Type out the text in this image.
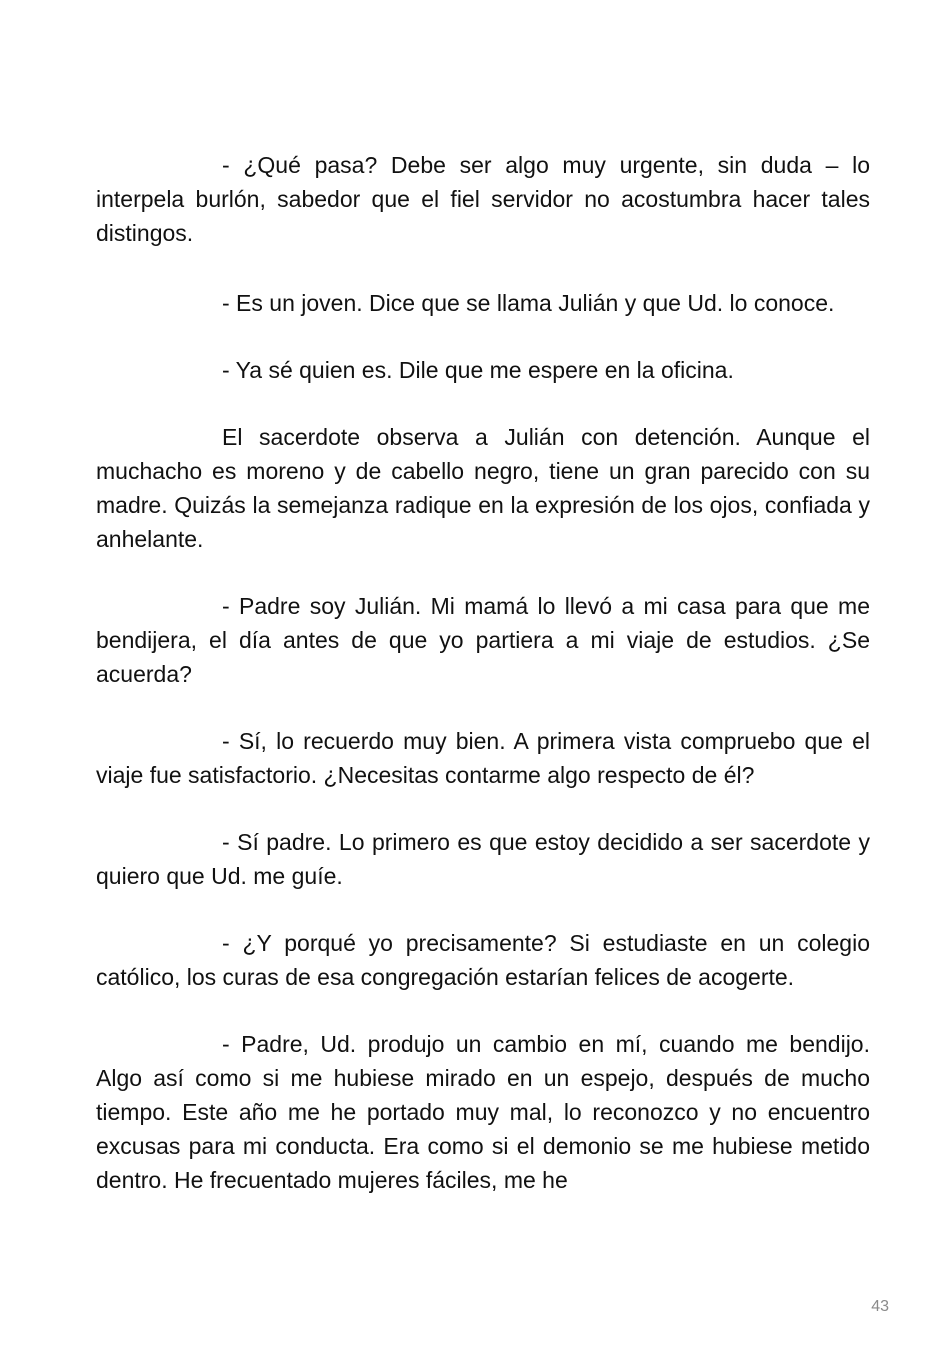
- ¿Qué pasa? Debe ser algo muy urgente, sin duda – lo interpela burlón, sabedor que el fiel servidor no acostumbra hacer tales distingos.

- Es un joven. Dice que se llama Julián y que Ud. lo conoce.

- Ya sé quien es. Dile que me espere en la oficina.

El sacerdote observa a Julián con detención. Aunque el muchacho es moreno y de cabello negro, tiene un gran parecido con su madre. Quizás la semejanza radique en la expresión de los ojos, confiada y anhelante.

- Padre soy Julián. Mi mamá lo llevó a mi casa para que me bendijera, el día antes de que yo partiera a mi viaje de estudios. ¿Se acuerda?

- Sí, lo recuerdo muy bien. A primera vista compruebo que el viaje fue satisfactorio. ¿Necesitas contarme algo respecto de él?

- Sí padre. Lo primero es que estoy decidido a ser sacerdote y quiero que Ud. me guíe.

- ¿Y porqué yo precisamente? Si estudiaste en un colegio católico, los curas de esa congregación estarían felices de acogerte.

- Padre, Ud. produjo un cambio en mí, cuando me bendijo. Algo así como si me hubiese mirado en un espejo, después de mucho tiempo. Este año me he portado muy mal, lo reconozco y no encuentro excusas para mi conducta. Era como si el demonio se me hubiese metido dentro. He frecuentado mujeres fáciles, me he

43
